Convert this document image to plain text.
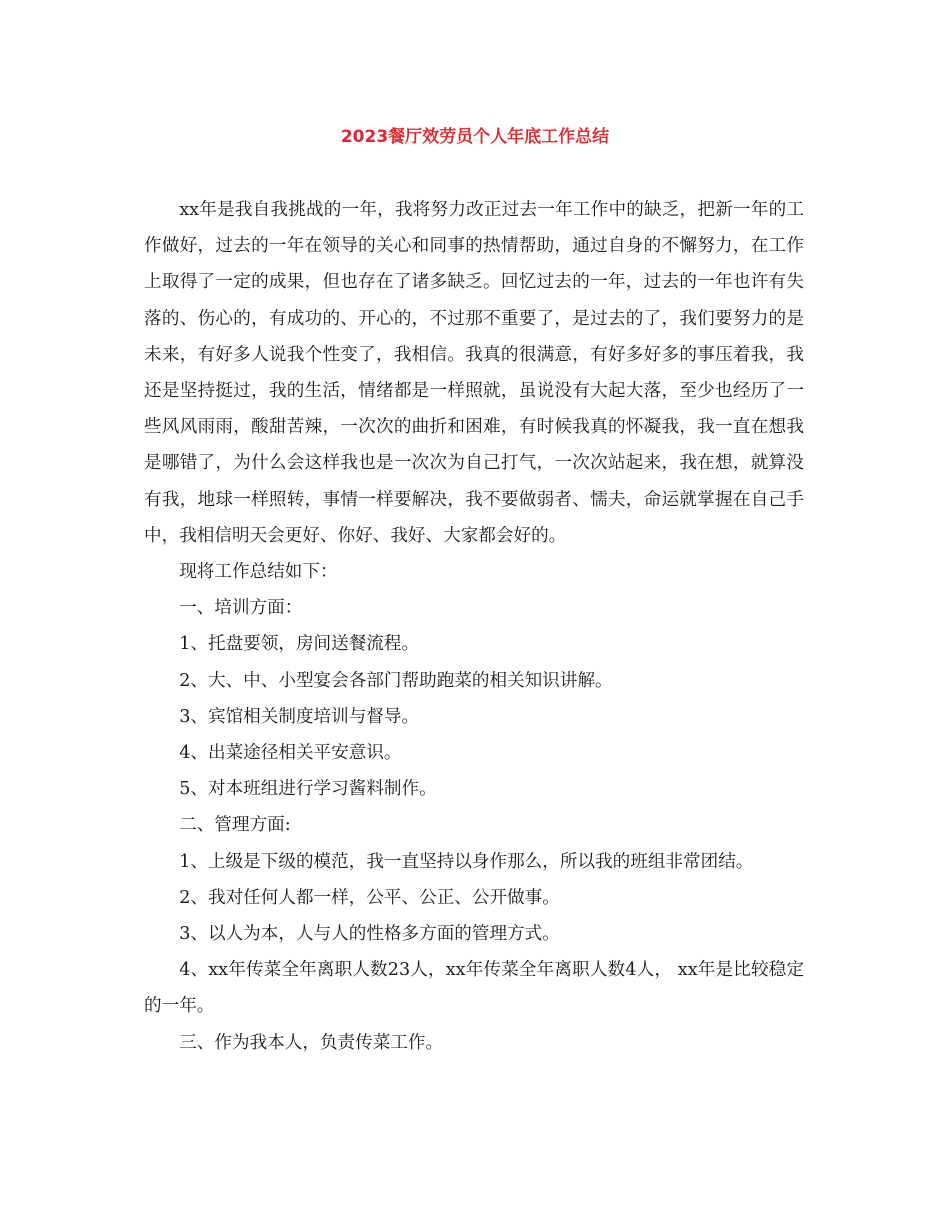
2023餐厅效劳员个人年底工作总结

xx年是我自我挑战的一年，我将努力改正过去一年工作中的缺乏，把新一年的工作做好，过去的一年在领导的关心和同事的热情帮助，通过自身的不懈努力，在工作上取得了一定的成果，但也存在了诸多缺乏。回忆过去的一年，过去的一年也许有失落的、伤心的，有成功的、开心的，不过那不重要了，是过去的了，我们要努力的是未来，有好多人说我个性变了，我相信。我真的很满意，有好多好多的事压着我，我还是坚持挺过，我的生活，情绪都是一样照就，虽说没有大起大落，至少也经历了一些风风雨雨，酸甜苦辣，一次次的曲折和困难，有时候我真的怀凝我，我一直在想我是哪错了，为什么会这样我也是一次次为自己打气，一次次站起来，我在想，就算没有我，地球一样照转，事情一样要解决，我不要做弱者、懦夫，命运就掌握在自己手中，我相信明天会更好、你好、我好、大家都会好的。

现将工作总结如下：

一、培训方面：

1、托盘要领，房间送餐流程。

2、大、中、小型宴会各部门帮助跑菜的相关知识讲解。

3、宾馆相关制度培训与督导。

4、出菜途径相关平安意识。

5、对本班组进行学习酱料制作。

二、管理方面:

1、上级是下级的模范，我一直坚持以身作那么，所以我的班组非常团结。

2、我对任何人都一样，公平、公正、公开做事。

3、以人为本，人与人的性格多方面的管理方式。

4、xx年传菜全年离职人数23人，xx年传菜全年离职人数4人， xx年是比较稳定的一年。

三、作为我本人，负责传菜工作。
